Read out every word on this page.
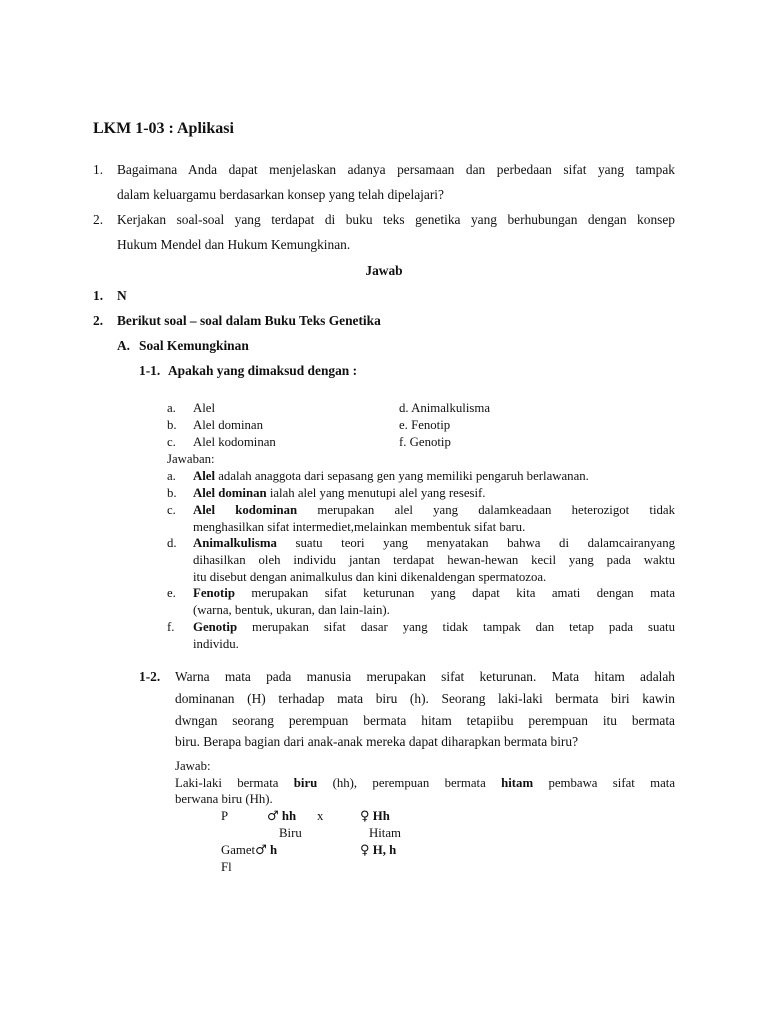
LKM 1-03 : Aplikasi
1. Bagaimana Anda dapat menjelaskan adanya persamaan dan perbedaan sifat yang tampak
dalam keluargamu berdasarkan konsep yang telah dipelajari?
2. Kerjakan soal-soal yang terdapat di buku teks genetika yang berhubungan dengan konsep
Hukum Mendel dan Hukum Kemungkinan.
Jawab
1. N
2. Berikut soal – soal dalam Buku Teks Genetika
A. Soal Kemungkinan
1-1. Apakah yang dimaksud dengan :
a. Alel	d. Animalkulisma
b. Alel dominan	e. Fenotip
c. Alel kodominan	f. Genotip
Jawaban:
a. Alel adalah anaggota dari sepasang gen yang memiliki pengaruh berlawanan.
b. Alel dominan ialah alel yang menutupi alel yang resesif.
c. Alel kodominan merupakan alel yang dalamkeadaan heterozigot tidak
menghasilkan sifat intermediet,melainkan membentuk sifat baru.
d. Animalkulisma suatu teori yang menyatakan bahwa di dalamcairanyang
dihasilkan oleh individu jantan terdapat hewan-hewan kecil yang pada waktu
itu disebut dengan animalkulus dan kini dikenaldengan spermatozoa.
e. Fenotip merupakan sifat keturunan yang dapat kita amati dengan mata
(warna, bentuk, ukuran, dan lain-lain).
f. Genotip merupakan sifat dasar yang tidak tampak dan tetap pada suatu
individu.
1-2. Warna mata pada manusia merupakan sifat keturunan. Mata hitam adalah
dominanan (H) terhadap mata biru (h). Seorang laki-laki bermata biri kawin
dwngan seorang perempuan bermata hitam tetapiibu perempuan itu bermata
biru. Berapa bagian dari anak-anak mereka dapat diharapkan bermata biru?
Jawab:
Laki-laki bermata biru (hh), perempuan bermata hitam pembawa sifat mata
berwana biru (Hh).
P	♂ hh x	♀ Hh
Biru	Hitam
Gamet♂ h	♀ H, h
Fl
